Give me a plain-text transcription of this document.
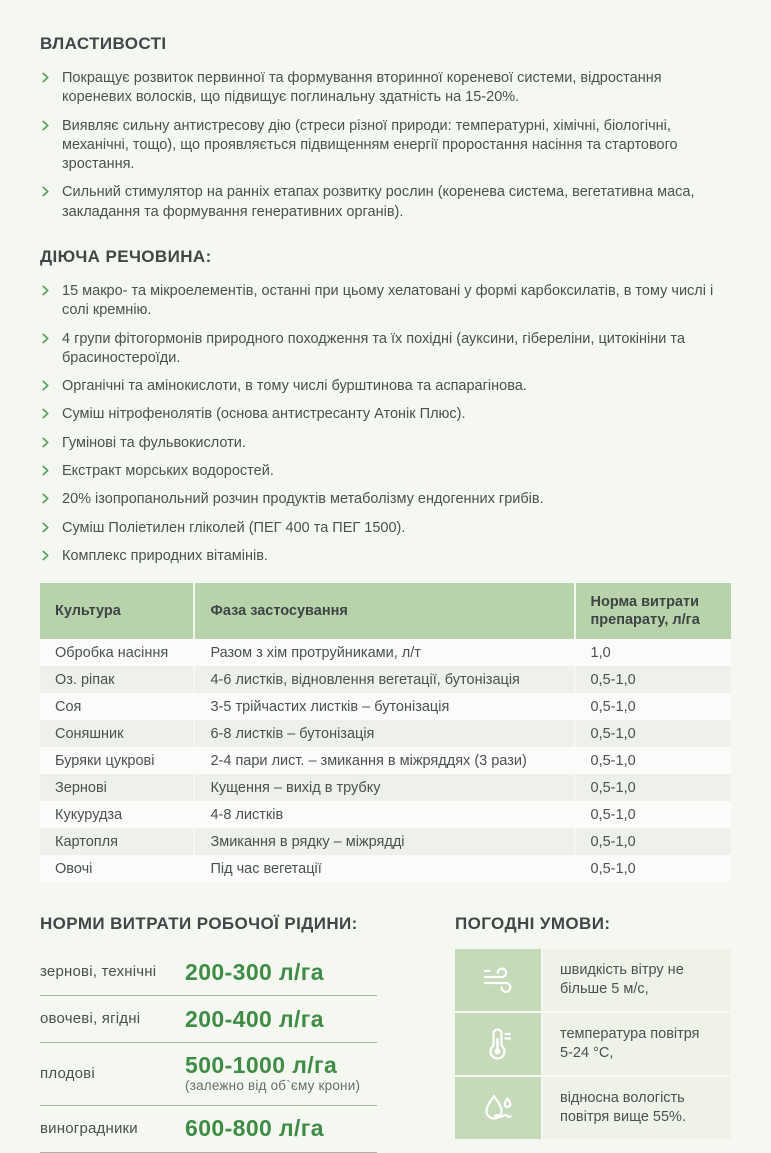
ВЛАСТИВОСТІ
Покращує розвиток первинної та формування вторинної кореневої системи, відростання кореневих волосків, що підвищує поглинальну здатність на 15-20%.
Виявляє сильну антистресову дію (стреси різної природи: температурні, хімічні, біологічні, механічні, тощо), що проявляється підвищенням енергії проростання насіння та стартового зростання.
Сильний стимулятор на ранніх етапах розвитку рослин (коренева система, вегетативна маса, закладання та формування генеративних органів).
ДІЮЧА РЕЧОВИНА:
15 макро- та мікроелементів, останні при цьому хелатовані у формі карбоксилатів, в тому числі і солі кремнію.
4 групи фітогормонів природного походження та їх похідні (ауксини, гібереліни, цитокініни та брасиностероїди.
Органічні та амінокислоти, в тому числі бурштинова та аспарагінова.
Суміш нітрофенолятів (основа антистресанту Атонік Плюс).
Гумінові та фульвокислоти.
Екстракт морських водоростей.
20% ізопропанольний розчин продуктів метаболізму ендогенних грибів.
Суміш Поліетилен гліколей (ПЕГ 400 та ПЕГ 1500).
Комплекс природних вітамінів.
Культура	Фаза застосування	Норма витрати препарату, л/га
Обробка насіння	Разом з хім протруйниками, л/т	1,0
Оз. ріпак	4-6 листків, відновлення вегетації, бутонізація	0,5-1,0
Соя	3-5 трійчастих листків – бутонізація	0,5-1,0
Соняшник	6-8 листків – бутонізація	0,5-1,0
Буряки цукрові	2-4 пари лист. – змикання в міжряддях (3 рази)	0,5-1,0
Зернові	Кущення – вихід в трубку	0,5-1,0
Кукурудза	4-8 листків	0,5-1,0
Картопля	Змикання в рядку – міжрядді	0,5-1,0
Овочі	Під час вегетації	0,5-1,0
НОРМИ ВИТРАТИ РОБОЧОЇ РІДИНИ:
зернові, технічні	200-300 л/га
овочеві, ягідні	200-400 л/га
плодові	500-1000 л/га
(залежно від об`єму крони)
виноградники	600-800 л/га
ПОГОДНІ УМОВИ:
швидкість вітру не більше 5 м/с,
температура повітря 5-24 °C,
відносна вологість повітря вище 55%.
